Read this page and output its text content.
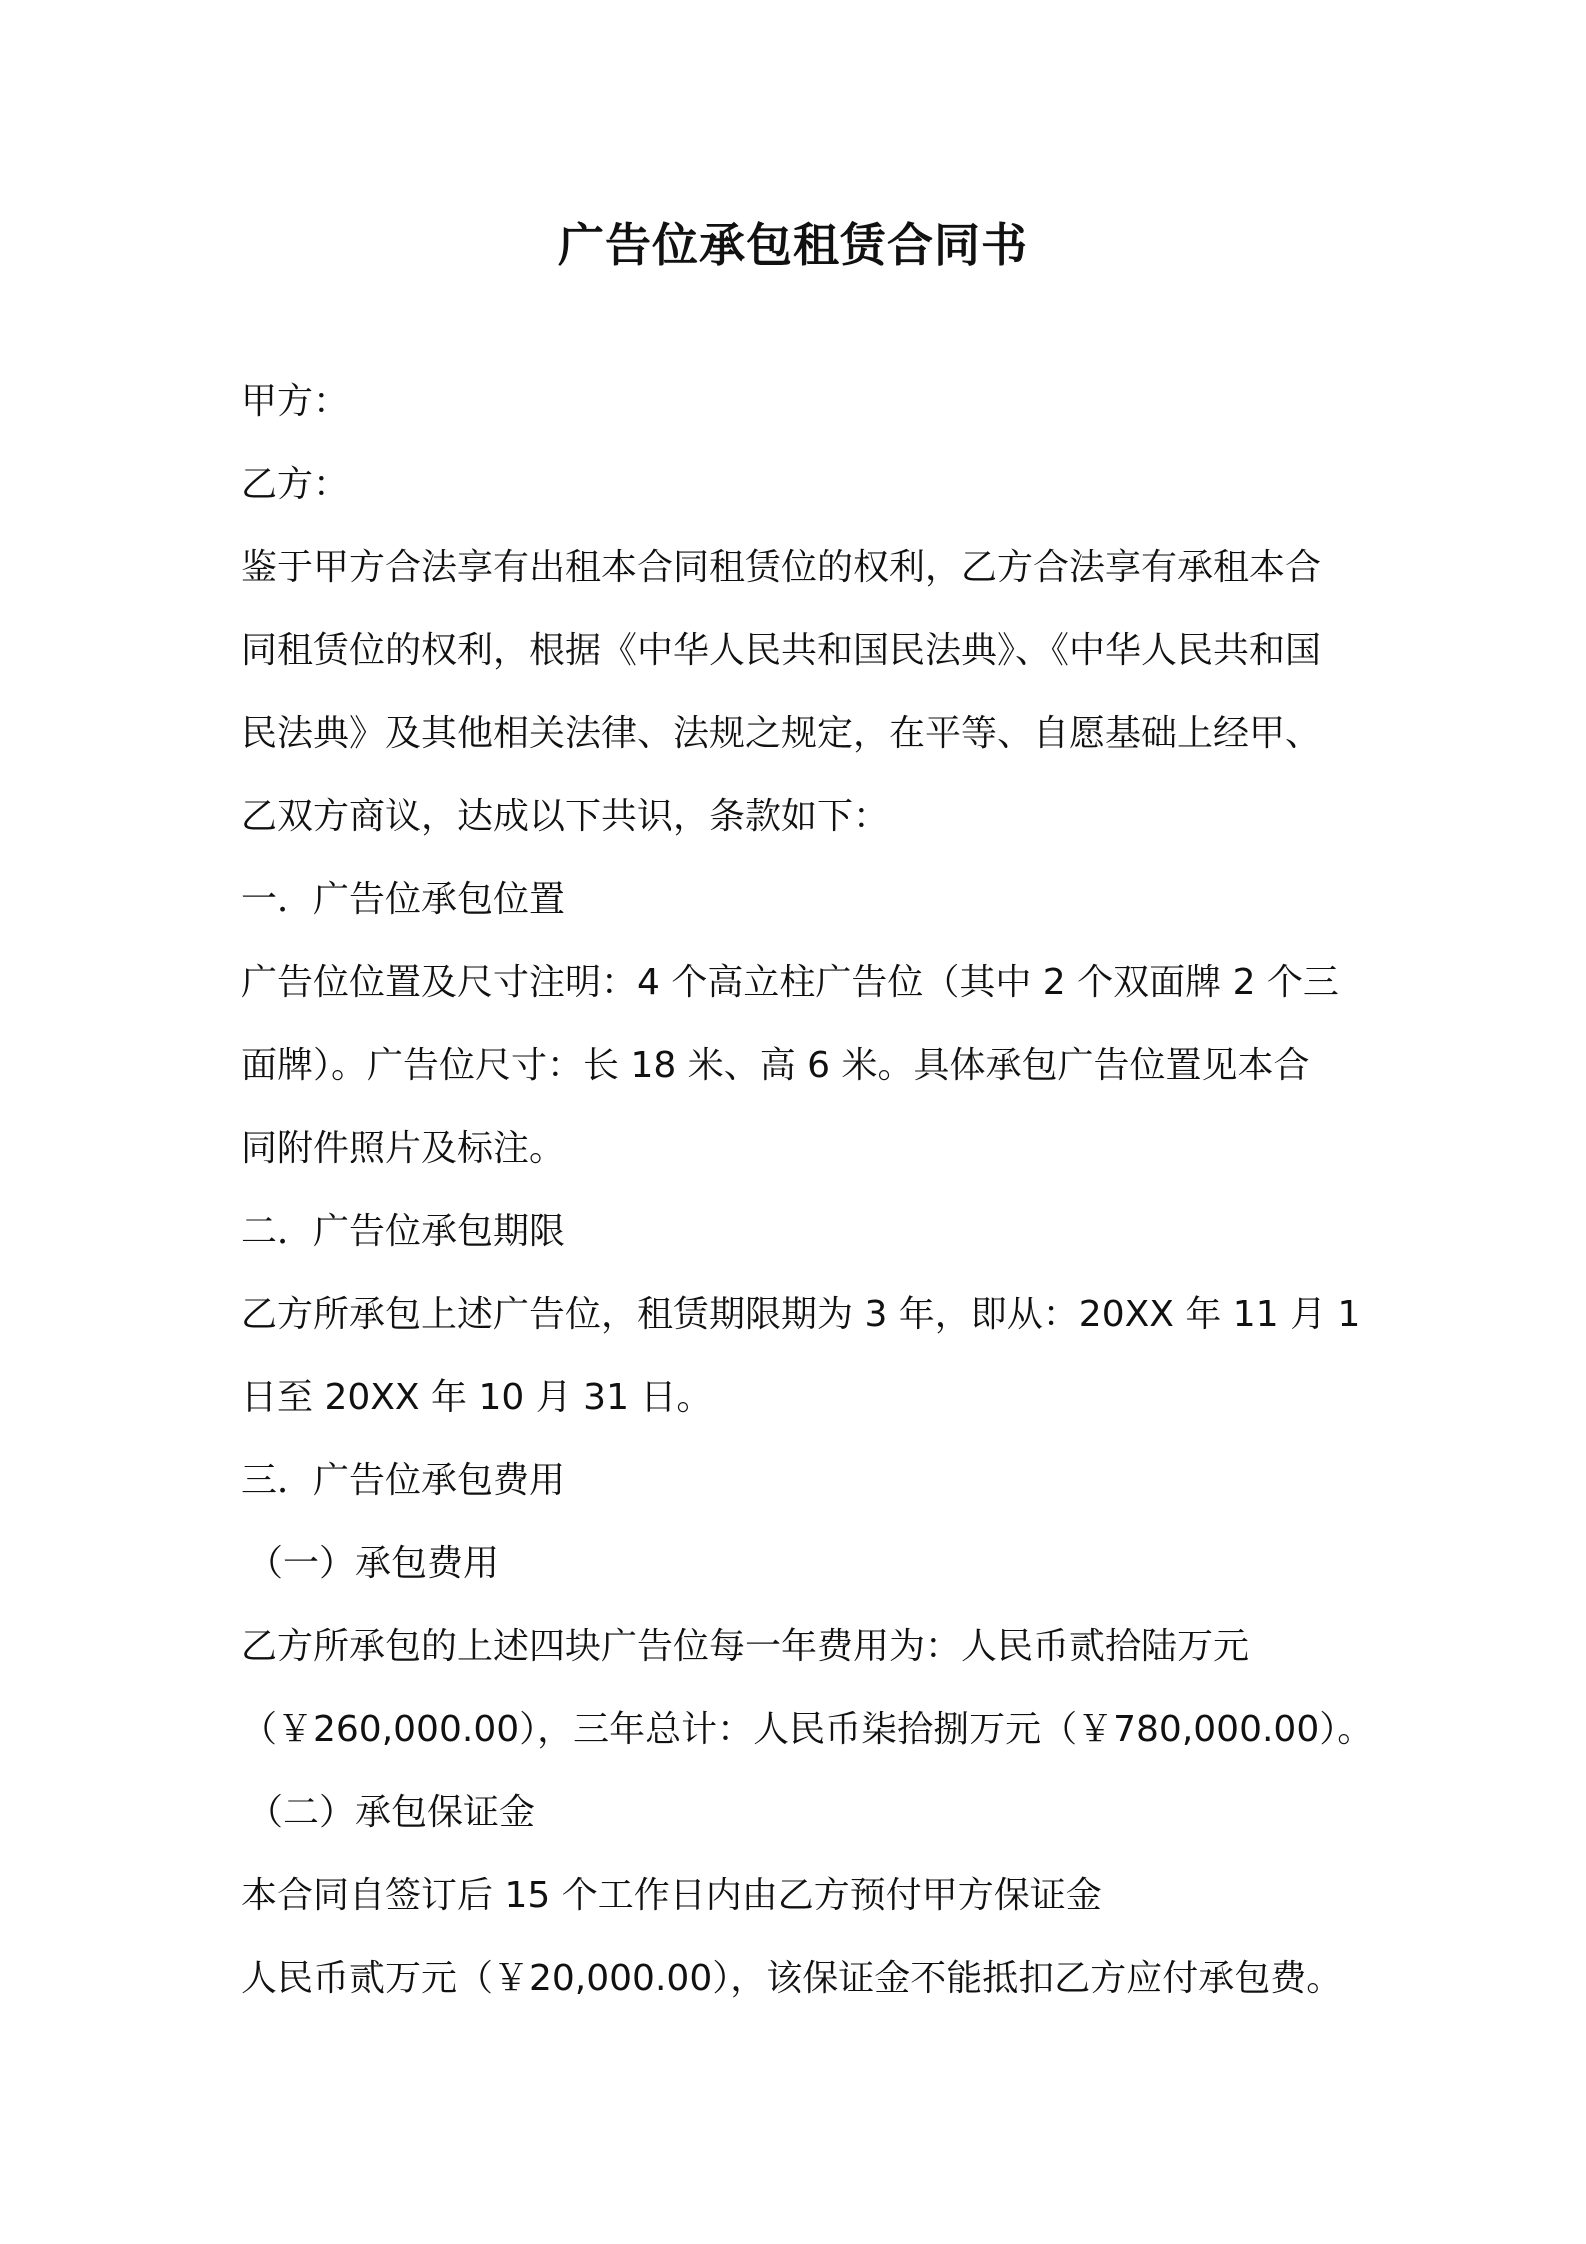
广告位承包租赁合同书
甲方：
乙方：
鉴于甲方合法享有出租本合同租赁位的权利，乙方合法享有承租本合
同租赁位的权利，根据《中华人民共和国民法典》、《中华人民共和国
民法典》及其他相关法律、法规之规定，在平等、自愿基础上经甲、
乙双方商议，达成以下共识，条款如下：
一．广告位承包位置
广告位位置及尺寸注明：4 个高立柱广告位（其中 2 个双面牌 2 个三
面牌）。广告位尺寸：长 18 米、高 6 米。具体承包广告位置见本合
同附件照片及标注。
二．广告位承包期限
乙方所承包上述广告位，租赁期限期为 3 年，即从：20XX 年 11 月 1
日至 20XX 年 10 月 31 日。
三．广告位承包费用
（一）承包费用
乙方所承包的上述四块广告位每一年费用为：人民币贰拾陆万元
（￥260,000.00），三年总计：人民币柒拾捌万元（￥780,000.00）。
（二）承包保证金
本合同自签订后 15 个工作日内由乙方预付甲方保证金
人民币贰万元（￥20,000.00），该保证金不能抵扣乙方应付承包费。
